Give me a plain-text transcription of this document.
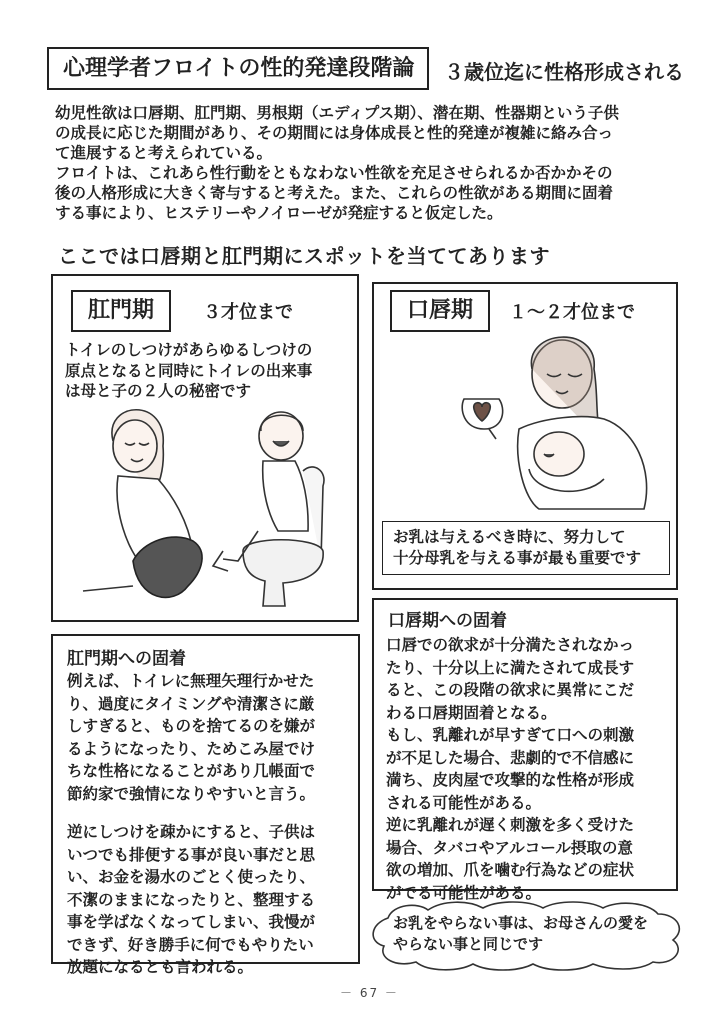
心理学者フロイトの性的発達段階論	３歳位迄に性格形成される

幼児性欲は口唇期、肛門期、男根期（エディプス期）、潜在期、性器期という子供

の成長に応じた期間があり、その期間には身体成長と性的発達が複雑に絡み合っ

て進展すると考えられている。

フロイトは、これあら性行動をともなわない性欲を充足させられるか否かかその

後の人格形成に大きく寄与すると考えた。また、これらの性欲がある期間に固着

する事により、ヒステリーやノイローゼが発症すると仮定した。

ここでは口唇期と肛門期にスポットを当ててあります
肛門期	３才位まで
トイレのしつけがあらゆるしつけの
原点となると同時にトイレの出来事
は母と子の２人の秘密です
口唇期	１～２才位まで
お乳は与えるべき時に、努力して
十分母乳を与える事が最も重要です
肛門期への固着
例えば、トイレに無理矢理行かせた
り、過度にタイミングや清潔さに厳
しすぎると、ものを捨てるのを嫌が
るようになったり、ためこみ屋でけ
ちな性格になることがあり几帳面で
節約家で強情になりやすいと言う。
逆にしつけを疎かにすると、子供は
いつでも排便する事が良い事だと思
い、お金を湯水のごとく使ったり、
不潔のままになったりと、整理する
事を学ばなくなってしまい、我慢が
できず、好き勝手に何でもやりたい
放題になるとも言われる。
口唇期への固着
口唇での欲求が十分満たされなかっ
たり、十分以上に満たされて成長す
ると、この段階の欲求に異常にこだ
わる口唇期固着となる。
もし、乳離れが早すぎて口への刺激
が不足した場合、悲劇的で不信感に
満ち、皮肉屋で攻撃的な性格が形成
される可能性がある。
逆に乳離れが遅く刺激を多く受けた
場合、タバコやアルコール摂取の意
欲の増加、爪を噛む行為などの症状
がでる可能性がある。
お乳をやらない事は、お母さんの愛を
やらない事と同じです
－ 67 －
